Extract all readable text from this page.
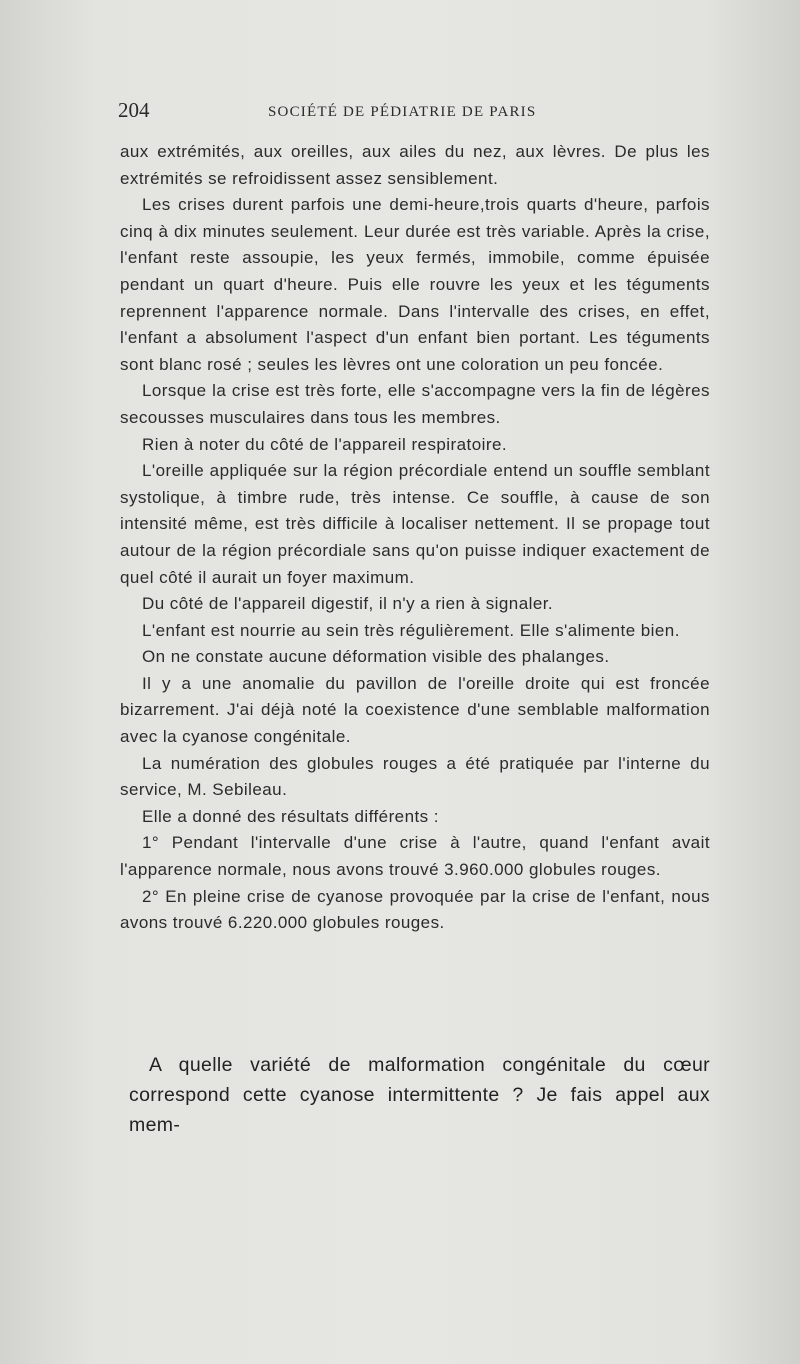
204	SOCIÉTÉ DE PÉDIATRIE DE PARIS

aux extrémités, aux oreilles, aux ailes du nez, aux lèvres. De plus les extrémités se refroidissent assez sensiblement.

Les crises durent parfois une demi-heure,trois quarts d'heure, parfois cinq à dix minutes seulement. Leur durée est très variable. Après la crise, l'enfant reste assoupie, les yeux fermés, immobile, comme épuisée pendant un quart d'heure. Puis elle rouvre les yeux et les téguments reprennent l'apparence normale. Dans l'intervalle des crises, en effet, l'enfant a absolument l'aspect d'un enfant bien portant. Les téguments sont blanc rosé ; seules les lèvres ont une coloration un peu foncée.

Lorsque la crise est très forte, elle s'accompagne vers la fin de légères secousses musculaires dans tous les membres.

Rien à noter du côté de l'appareil respiratoire.

L'oreille appliquée sur la région précordiale entend un souffle semblant systolique, à timbre rude, très intense. Ce souffle, à cause de son intensité même, est très difficile à localiser nettement. Il se propage tout autour de la région précordiale sans qu'on puisse indiquer exactement de quel côté il aurait un foyer maximum.

Du côté de l'appareil digestif, il n'y a rien à signaler.

L'enfant est nourrie au sein très régulièrement. Elle s'alimente bien.

On ne constate aucune déformation visible des phalanges.

Il y a une anomalie du pavillon de l'oreille droite qui est froncée bizarrement. J'ai déjà noté la coexistence d'une semblable malformation avec la cyanose congénitale.

La numération des globules rouges a été pratiquée par l'interne du service, M. Sebileau.

Elle a donné des résultats différents :

1° Pendant l'intervalle d'une crise à l'autre, quand l'enfant avait l'apparence normale, nous avons trouvé 3.960.000 globules rouges.

2° En pleine crise de cyanose provoquée par la crise de l'enfant, nous avons trouvé 6.220.000 globules rouges.

A quelle variété de malformation congénitale du cœur correspond cette cyanose intermittente ? Je fais appel aux mem-
